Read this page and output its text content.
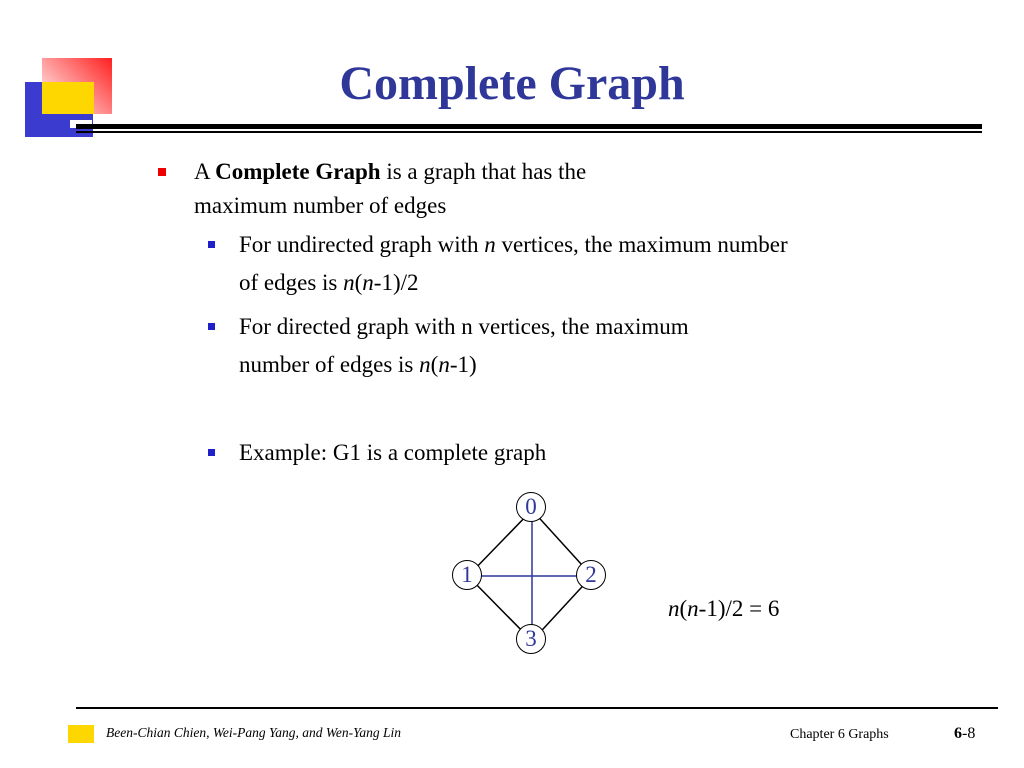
Complete Graph
A Complete Graph is a graph that has the
maximum number of edges
For undirected graph with n vertices, the maximum number
of edges is n(n-1)/2
For directed graph with n vertices, the maximum
number of edges is n(n-1)
Example: G1 is a complete graph
0
1	2
3
n(n-1)/2 = 6
Been-Chian Chien, Wei-Pang Yang, and Wen-Yang Lin	Chapter 6 Graphs	6-8
